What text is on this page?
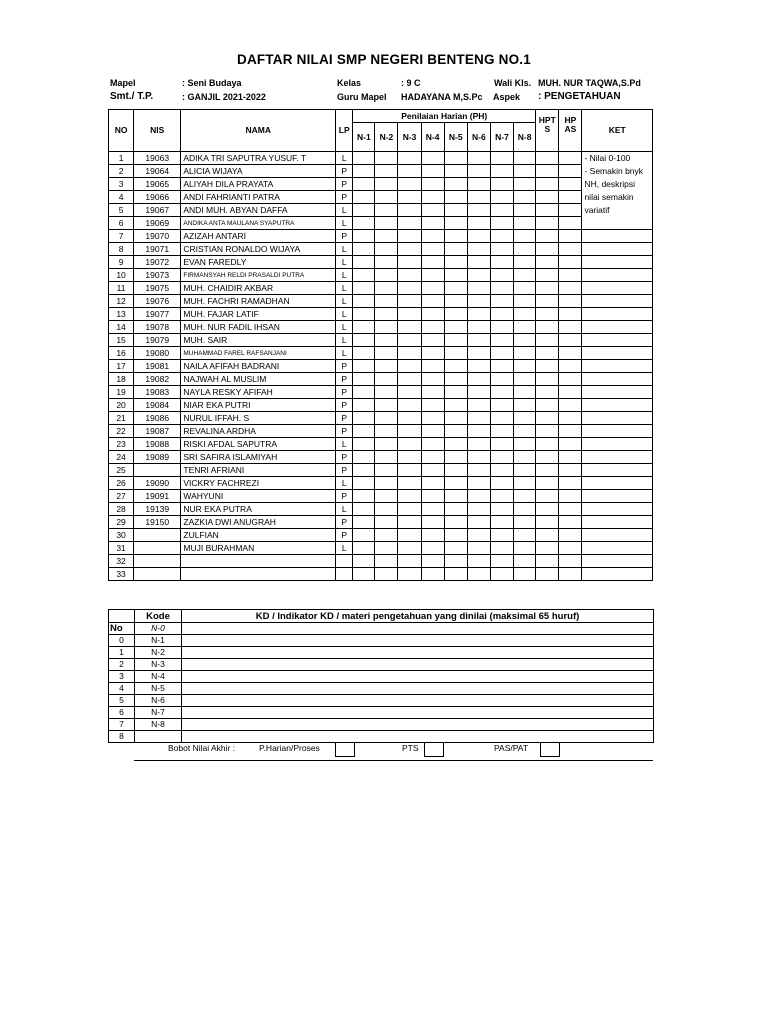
DAFTAR NILAI SMP NEGERI BENTENG NO.1
Mapel	: Seni Budaya	Kelas	: 9 C	Wali Kls. MUH. NUR TAQWA,S.Pd
Smt./ T.P.	: GANJIL 2021-2022	Guru Mapel HADAYANA M,S.Pc Aspek : PENGETAHUAN
NO	NIS	NAMA	LP	Penilaian Harian (PH)								HPT S	HP AS	KET
				N-1	N-2	N-3	N-4	N-5	N-6	N-7	N-8			
1	19063	ADIKA TRI SAPUTRA YUSUF. T	L											- Nilai 0-100
2	19064	ALICIA WIJAYA	P											- Semakin bnyk
3	19065	ALIYAH DILA PRAYATA	P											NH, deskripsi
4	19066	ANDI FAHRIANTI PATRA	P											nilai semakin
5	19067	ANDI MUH. ABYAN DAFFA	L											variatif
6	19069	ANDIKA ANTA MAULANA SYAPUTRA	L											
7	19070	AZIZAH ANTARI	P											
8	19071	CRISTIAN RONALDO WIJAYA	L											
9	19072	EVAN FAREDLY	L											
10	19073	FIRMANSYAH RELDI PRASALDI PUTRA	L											
11	19075	MUH. CHAIDIR AKBAR	L											
12	19076	MUH. FACHRI RAMADHAN	L											
13	19077	MUH. FAJAR LATIF	L											
14	19078	MUH. NUR FADIL IHSAN	L											
15	19079	MUH. SAIR	L											
16	19080	MUHAMMAD FAREL RAFSANJANI	L											
17	19081	NAILA AFIFAH BADRANI	P											
18	19082	NAJWAH AL MUSLIM	P											
19	19083	NAYLA RESKY AFIFAH	P											
20	19084	NIAR EKA PUTRI	P											
21	19086	NURUL IFFAH. S	P											
22	19087	REVALINA ARDHA	P											
23	19088	RISKI AFDAL SAPUTRA	L											
24	19089	SRI SAFIRA ISLAMIYAH	P											
25		TENRI AFRIANI	P											
26	19090	VICKRY FACHREZI	L											
27	19091	WAHYUNI	P											
28	19139	NUR EKA PUTRA	L											
29	19150	ZAZKIA DWI ANUGRAH	P											
30		ZULFIAN	P											
31		MUJI BURAHMAN	L											
32														
33														
	Kode	KD / Indikator KD / materi pengetahuan yang dinilai (maksimal 65 huruf)
No	N-0	
0	N-1	
1	N-2	
2	N-3	
3	N-4	
4	N-5	
5	N-6	
6	N-7	
7	N-8	
8		
Bobot Nilai Akhir :	P.Harian/Proses	PTS	PAS/PAT
